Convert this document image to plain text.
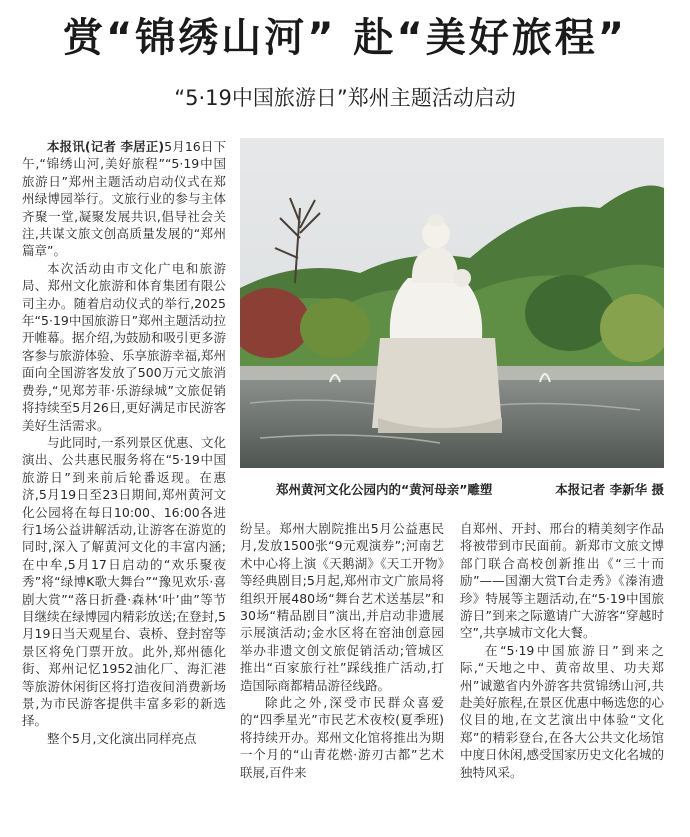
赏“锦绣山河” 赴“美好旅程”
“5·19中国旅游日”郑州主题活动启动

本报讯(记者 李居正)5月16日下午,“锦绣山河,美好旅程”“5·19中国旅游日”郑州主题活动启动仪式在郑州绿博园举行。文旅行业的参与主体齐聚一堂,凝聚发展共识,倡导社会关注,共谋文旅文创高质量发展的“郑州篇章”。

本次活动由市文化广电和旅游局、郑州文化旅游和体育集团有限公司主办。随着启动仪式的举行,2025年“5·19中国旅游日”郑州主题活动拉开帷幕。据介绍,为鼓励和吸引更多游客参与旅游体验、乐享旅游幸福,郑州面向全国游客发放了500万元文旅消费券,“见郑芳菲·乐游绿城”文旅促销将持续至5月26日,更好满足市民游客美好生活需求。

与此同时,一系列景区优惠、文化演出、公共惠民服务将在“5·19中国旅游日”到来前后轮番返现。在惠济,5月19日至23日期间,郑州黄河文化公园将在每日10:00、16:00各进行1场公益讲解活动,让游客在游览的同时,深入了解黄河文化的丰富内涵;在中牟,5月17日启动的“欢乐聚夜秀”将“绿博K歌大舞台”“豫见欢乐·喜剧大赏”“落日折叠·森林‘叶’曲”等节目继续在绿博园内精彩放送;在登封,5月19日当天观星台、袁桥、登封窑等景区将免门票开放。此外,郑州德化街、郑州记忆1952油化厂、海汇港等旅游休闲街区将打造夜间消费新场景,为市民游客提供丰富多彩的新选择。

整个5月,文化演出同样亮点

郑州黄河文化公园内的“黄河母亲”雕塑	本报记者 李新华 摄

纷呈。郑州大剧院推出5月公益惠民月,发放1500张“9元观演券”;河南艺术中心将上演《天鹅湖》《天工开物》等经典剧目;5月起,郑州市文广旅局将组织开展480场“舞台艺术送基层”和30场“精品剧目”演出,并启动非遗展示展演活动;金水区将在窑油创意园举办非遗文创文旅促销活动;管城区推出“百家旅行社”踩线推广活动,打造国际商都精品游径线路。

除此之外,深受市民群众喜爱的“四季星光”市民艺术夜校(夏季班)将持续开办。郑州文化馆将推出为期一个月的“山青花燃·游刃古都”艺术联展,百件来

自郑州、开封、邢台的精美刻字作品将被带到市民面前。新郑市文旅文博部门联合高校创新推出《“三十而励”——国潮大赏T台走秀》《溱洧遗珍》特展等主题活动,在“5·19中国旅游日”到来之际邀请广大游客“穿越时空”,共享城市文化大餐。

在“5·19中国旅游日”到来之际,“天地之中、黄帝故里、功夫郑州”诚邀省内外游客共赏锦绣山河,共赴美好旅程,在景区优惠中畅选您的心仪目的地,在文艺演出中体验“文化郑”的精彩登台,在各大公共文化场馆中度日休闲,感受国家历史文化名城的独特风采。
